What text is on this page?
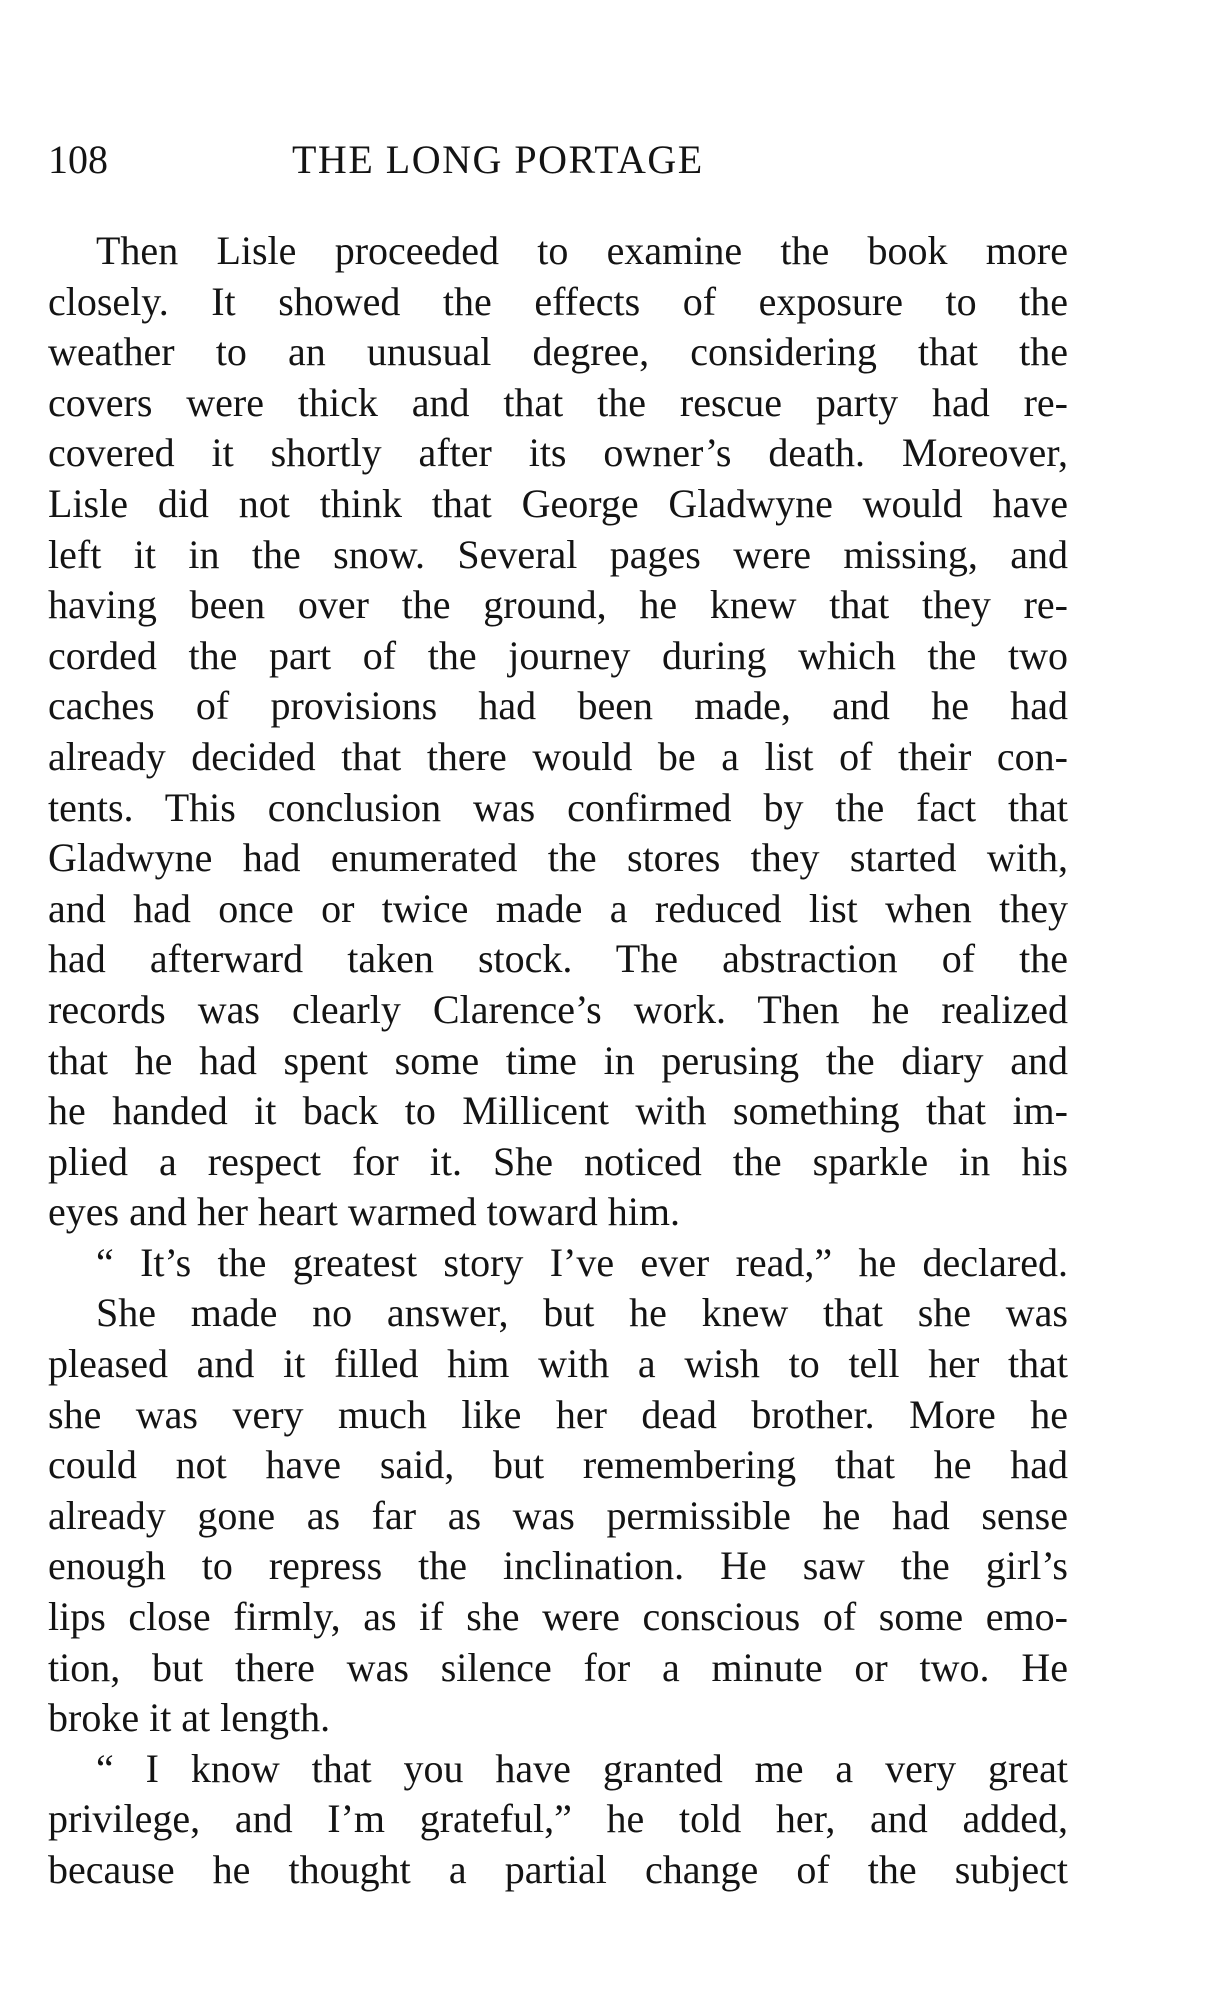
108	THE LONG PORTAGE
Then Lisle proceeded to examine the book more
closely. It showed the effects of exposure to the
weather to an unusual degree, considering that the
covers were thick and that the rescue party had re-
covered it shortly after its owner’s death. Moreover,
Lisle did not think that George Gladwyne would have
left it in the snow. Several pages were missing, and
having been over the ground, he knew that they re-
corded the part of the journey during which the two
caches of provisions had been made, and he had
already decided that there would be a list of their con-
tents. This conclusion was confirmed by the fact that
Gladwyne had enumerated the stores they started with,
and had once or twice made a reduced list when they
had afterward taken stock. The abstraction of the
records was clearly Clarence’s work. Then he realized
that he had spent some time in perusing the diary and
he handed it back to Millicent with something that im-
plied a respect for it. She noticed the sparkle in his
eyes and her heart warmed toward him.
“ It’s the greatest story I’ve ever read,” he declared.
She made no answer, but he knew that she was
pleased and it filled him with a wish to tell her that
she was very much like her dead brother. More he
could not have said, but remembering that he had
already gone as far as was permissible he had sense
enough to repress the inclination. He saw the girl’s
lips close firmly, as if she were conscious of some emo-
tion, but there was silence for a minute or two. He
broke it at length.
“ I know that you have granted me a very great
privilege, and I’m grateful,” he told her, and added,
because he thought a partial change of the subject
